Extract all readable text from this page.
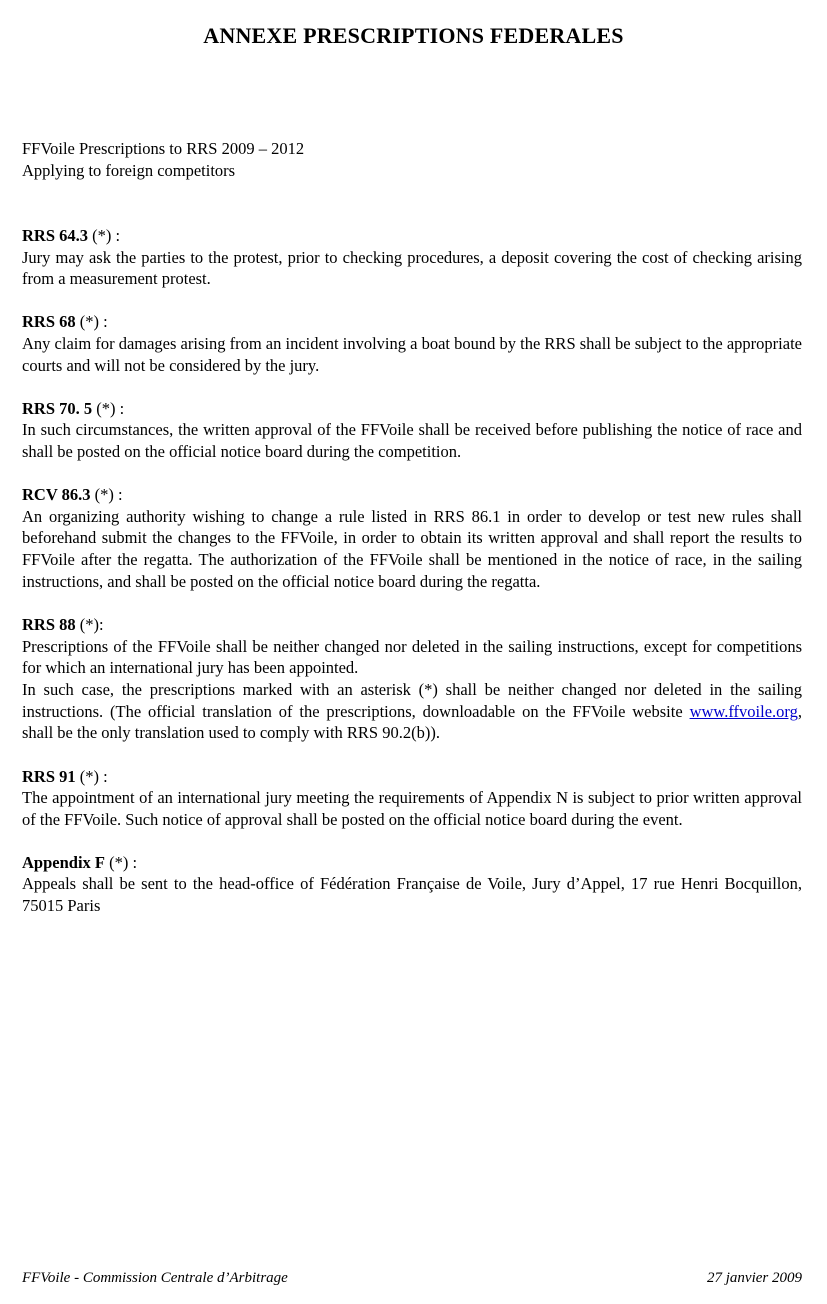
ANNEXE PRESCRIPTIONS FEDERALES
FFVoile Prescriptions to RRS 2009 – 2012
Applying to foreign competitors
RRS 64.3 (*) :

Jury may ask the parties to the protest, prior to checking procedures, a deposit covering the cost of checking arising from a measurement protest.

RRS 68 (*) :

Any claim for damages arising from an incident involving a boat bound by the RRS shall be subject to the appropriate courts and will not be considered by the jury.

RRS 70. 5 (*) :

In such circumstances, the written approval of the FFVoile shall be received before publishing the notice of race and shall be posted on the official notice board during the competition.

RCV 86.3 (*) :

An organizing authority wishing to change a rule listed in RRS 86.1 in order to develop or test new rules shall beforehand submit the changes to the FFVoile, in order to obtain its written approval and shall report the results to FFVoile after the regatta. The authorization of the FFVoile shall be mentioned in the notice of race, in the sailing instructions, and shall be posted on the official notice board during the regatta.

RRS 88 (*):

Prescriptions of the FFVoile shall be neither changed nor deleted in the sailing instructions, except for competitions for which an international jury has been appointed.

In such case, the prescriptions marked with an asterisk (*) shall be neither changed nor deleted in the sailing instructions. (The official translation of the prescriptions, downloadable on the FFVoile website www.ffvoile.org, shall be the only translation used to comply with RRS 90.2(b)).

RRS 91 (*) :

The appointment of an international jury meeting the requirements of Appendix N is subject to prior written approval of the FFVoile. Such notice of approval shall be posted on the official notice board during the event.

Appendix F (*) :

Appeals shall be sent to the head-office of Fédération Française de Voile, Jury d’Appel, 17 rue Henri Bocquillon, 75015 Paris

FFVoile - Commission Centrale d’Arbitrage	27 janvier 2009
